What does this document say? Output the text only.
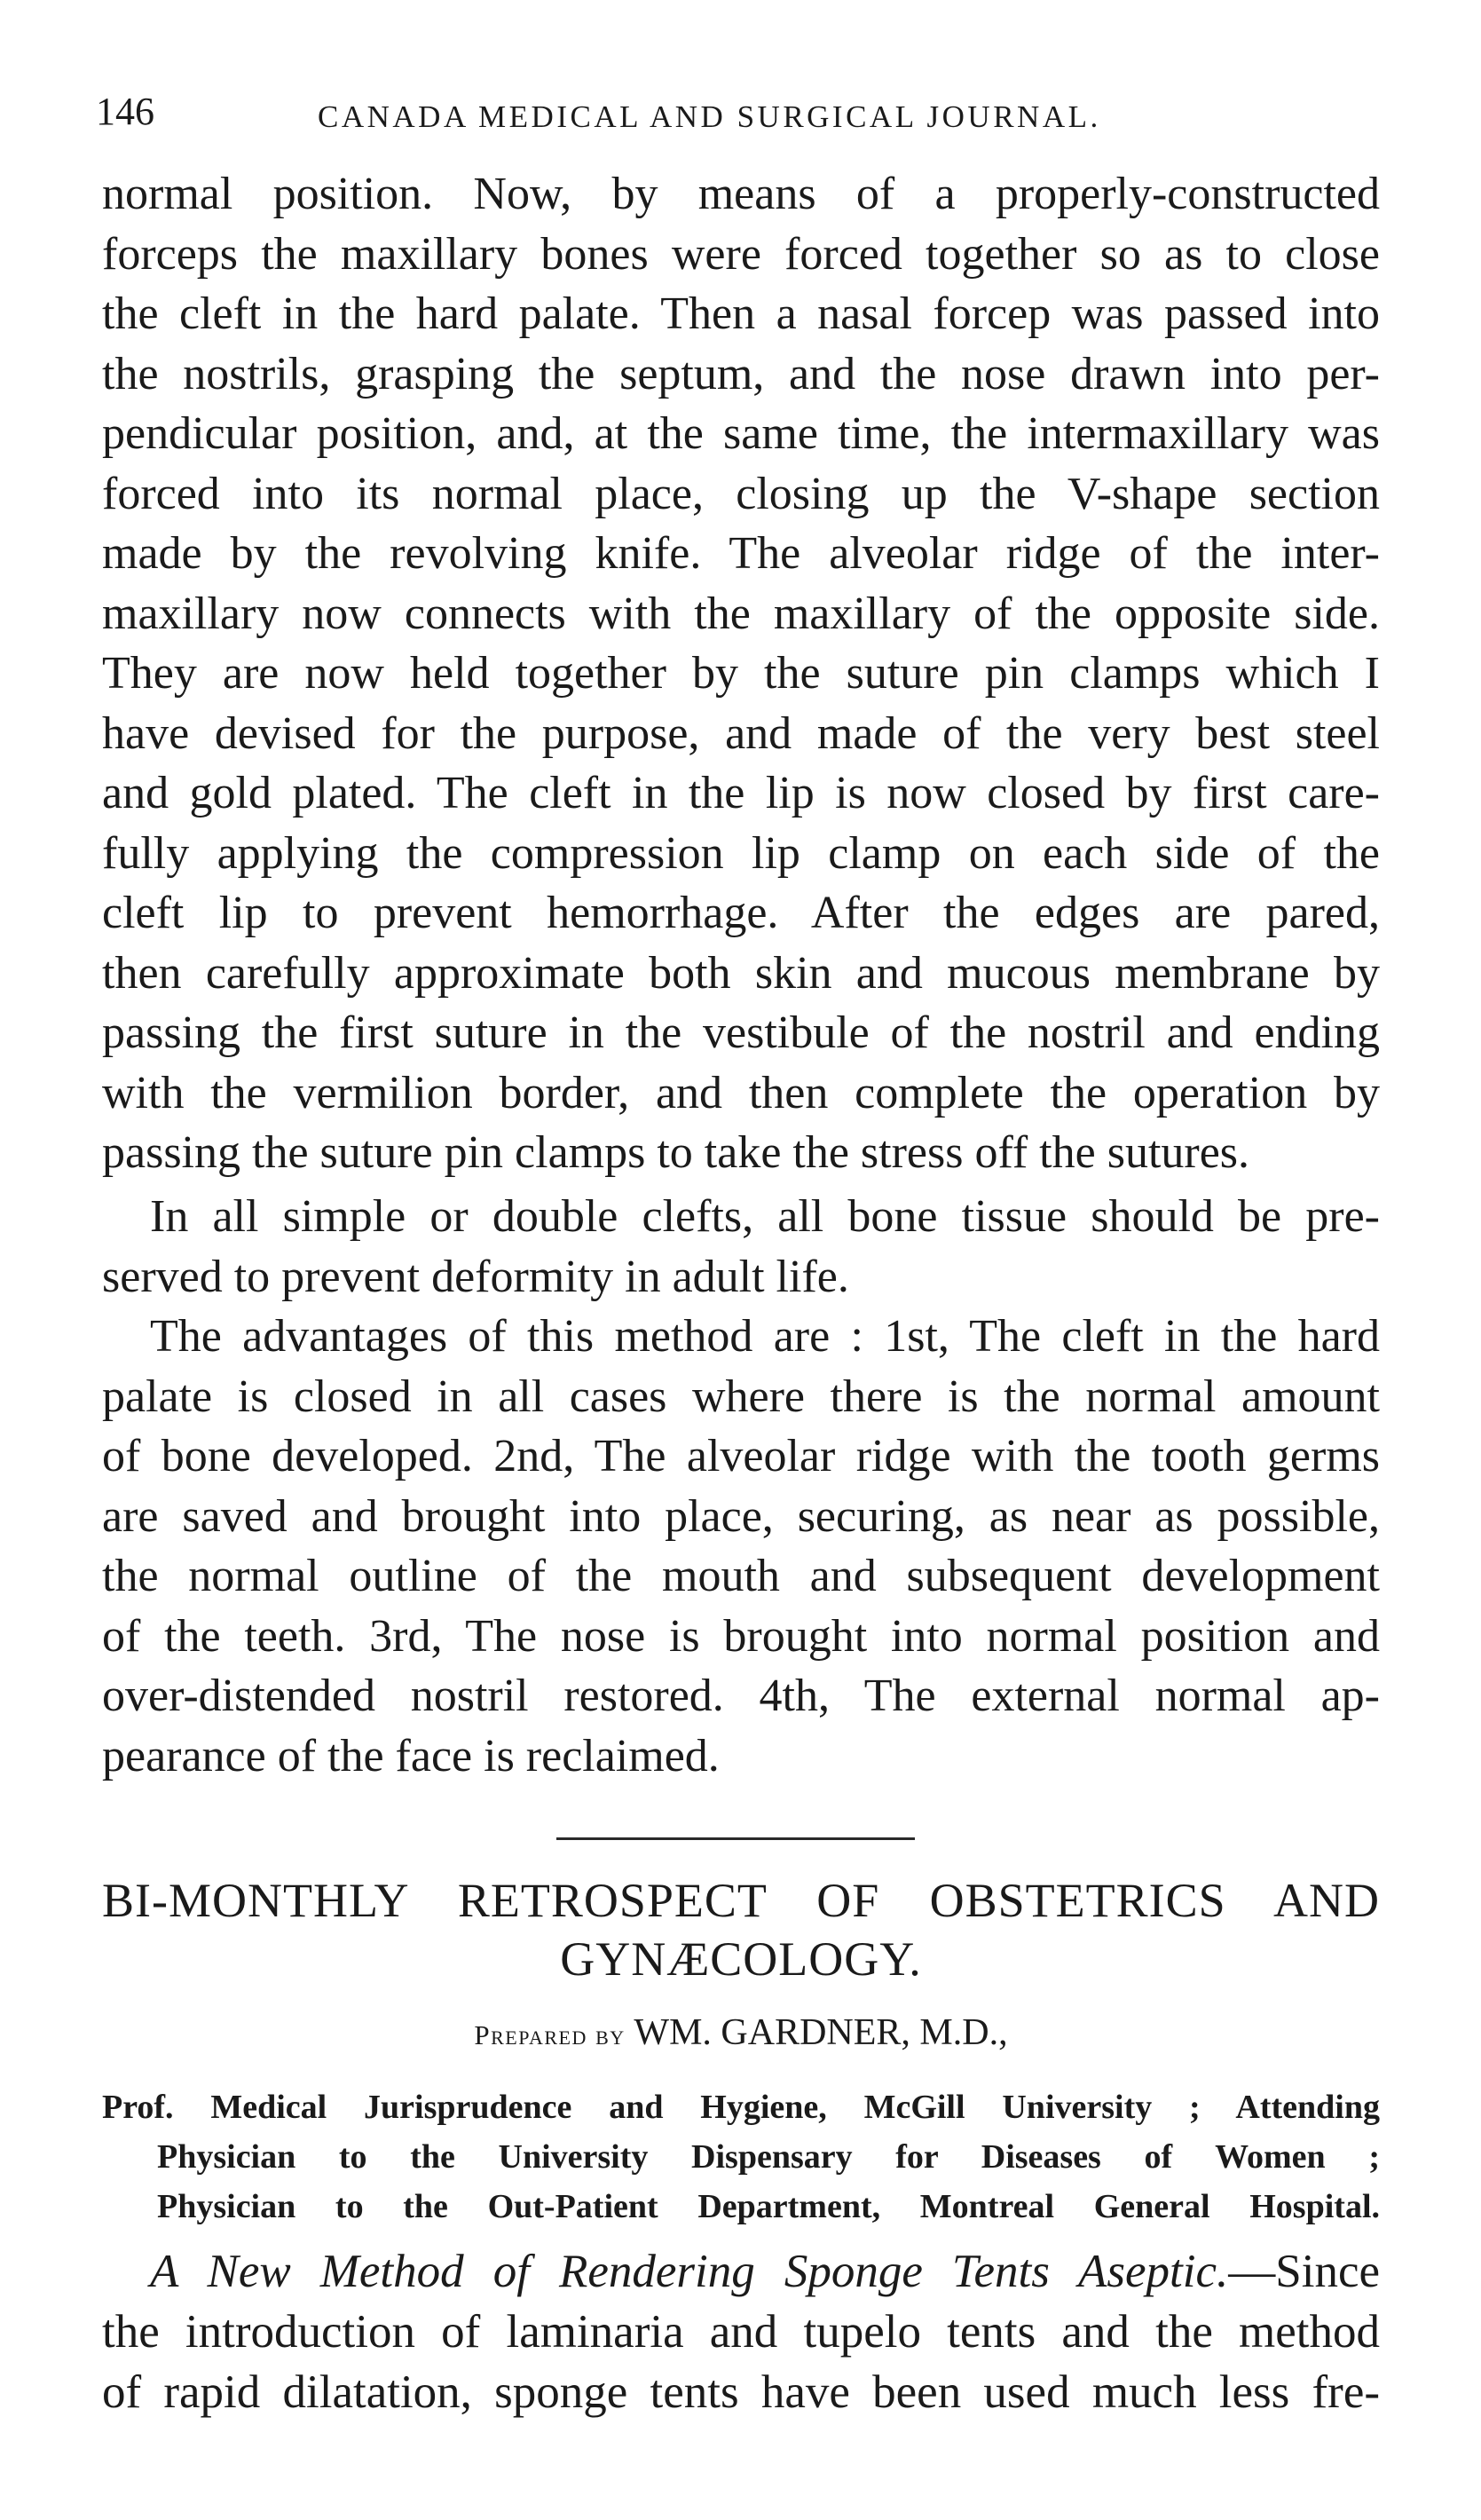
146	CANADA MEDICAL AND SURGICAL JOURNAL.
normal position. Now, by means of a properly-constructed
forceps the maxillary bones were forced together so as to close
the cleft in the hard palate. Then a nasal forcep was passed into
the nostrils, grasping the septum, and the nose drawn into per-
pendicular position, and, at the same time, the intermaxillary was
forced into its normal place, closing up the V-shape section
made by the revolving knife. The alveolar ridge of the inter-
maxillary now connects with the maxillary of the opposite side.
They are now held together by the suture pin clamps which I
have devised for the purpose, and made of the very best steel
and gold plated. The cleft in the lip is now closed by first care-
fully applying the compression lip clamp on each side of the
cleft lip to prevent hemorrhage. After the edges are pared,
then carefully approximate both skin and mucous membrane by
passing the first suture in the vestibule of the nostril and ending
with the vermilion border, and then complete the operation by
passing the suture pin clamps to take the stress off the sutures.
In all simple or double clefts, all bone tissue should be pre-
served to prevent deformity in adult life.
The advantages of this method are : 1st, The cleft in the hard
palate is closed in all cases where there is the normal amount
of bone developed. 2nd, The alveolar ridge with the tooth germs
are saved and brought into place, securing, as near as possible,
the normal outline of the mouth and subsequent development
of the teeth. 3rd, The nose is brought into normal position and
over-distended nostril restored. 4th, The external normal ap-
pearance of the face is reclaimed.
BI-MONTHLY RETROSPECT OF OBSTETRICS AND
GYNÆCOLOGY.
Prepared by WM. GARDNER, M.D.,
Prof. Medical Jurisprudence and Hygiene, McGill University ; Attending
Physician to the University Dispensary for Diseases of Women ;
Physician to the Out-Patient Department, Montreal General Hospital.
A New Method of Rendering Sponge Tents Aseptic.—Since
the introduction of laminaria and tupelo tents and the method
of rapid dilatation, sponge tents have been used much less fre-
